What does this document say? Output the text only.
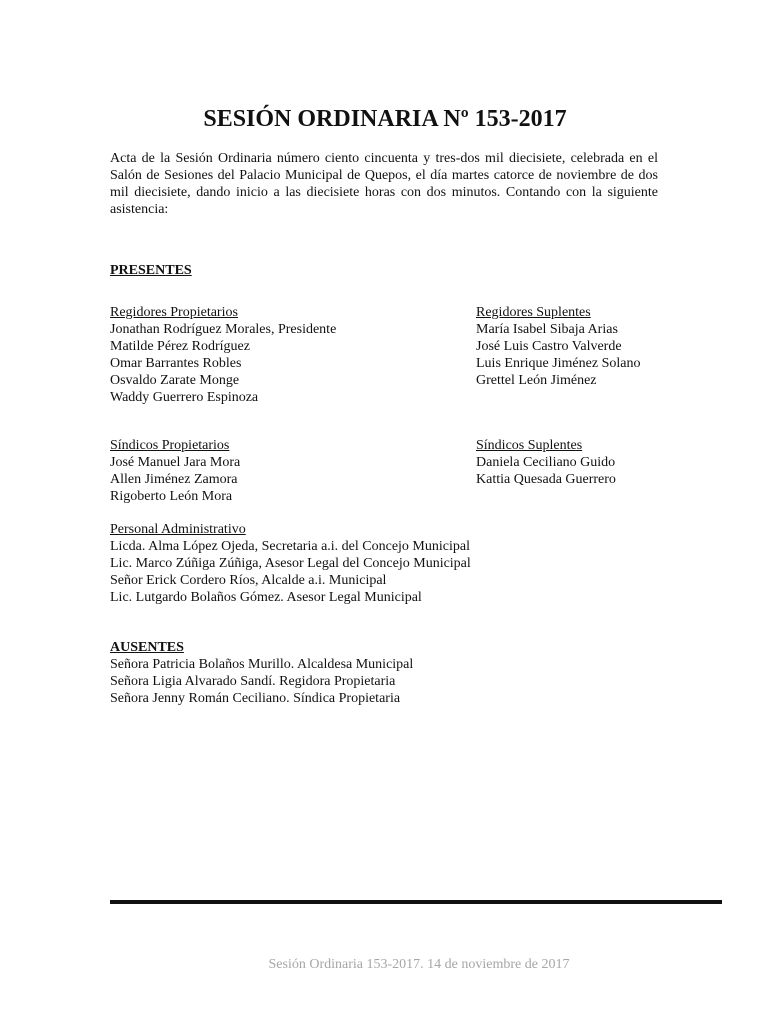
SESIÓN ORDINARIA Nº 153-2017

Acta de la Sesión Ordinaria número ciento cincuenta y tres-dos mil diecisiete, celebrada en el Salón de Sesiones del Palacio Municipal de Quepos, el día martes catorce de noviembre de dos mil diecisiete, dando inicio a las diecisiete horas con dos minutos. Contando con la siguiente asistencia:

PRESENTES
Regidores Propietarios
Jonathan Rodríguez Morales, Presidente
Matilde Pérez Rodríguez
Omar Barrantes Robles
Osvaldo Zarate Monge
Waddy Guerrero Espinoza
Regidores Suplentes
María Isabel Sibaja Arias
José Luis Castro Valverde
Luis Enrique Jiménez Solano
Grettel León Jiménez
Síndicos Propietarios
José Manuel Jara Mora
Allen Jiménez Zamora
Rigoberto León Mora
Síndicos Suplentes
Daniela Ceciliano Guido
Kattia Quesada Guerrero
Personal Administrativo
Licda. Alma López Ojeda, Secretaria a.i. del Concejo Municipal
Lic. Marco Zúñiga Zúñiga, Asesor Legal del Concejo Municipal
Señor Erick Cordero Ríos, Alcalde a.i. Municipal
Lic. Lutgardo Bolaños Gómez. Asesor Legal Municipal
AUSENTES
Señora Patricia Bolaños Murillo. Alcaldesa Municipal
Señora Ligia Alvarado Sandí. Regidora Propietaria
Señora Jenny Román Ceciliano. Síndica Propietaria
Sesión Ordinaria 153-2017. 14 de noviembre de 2017
